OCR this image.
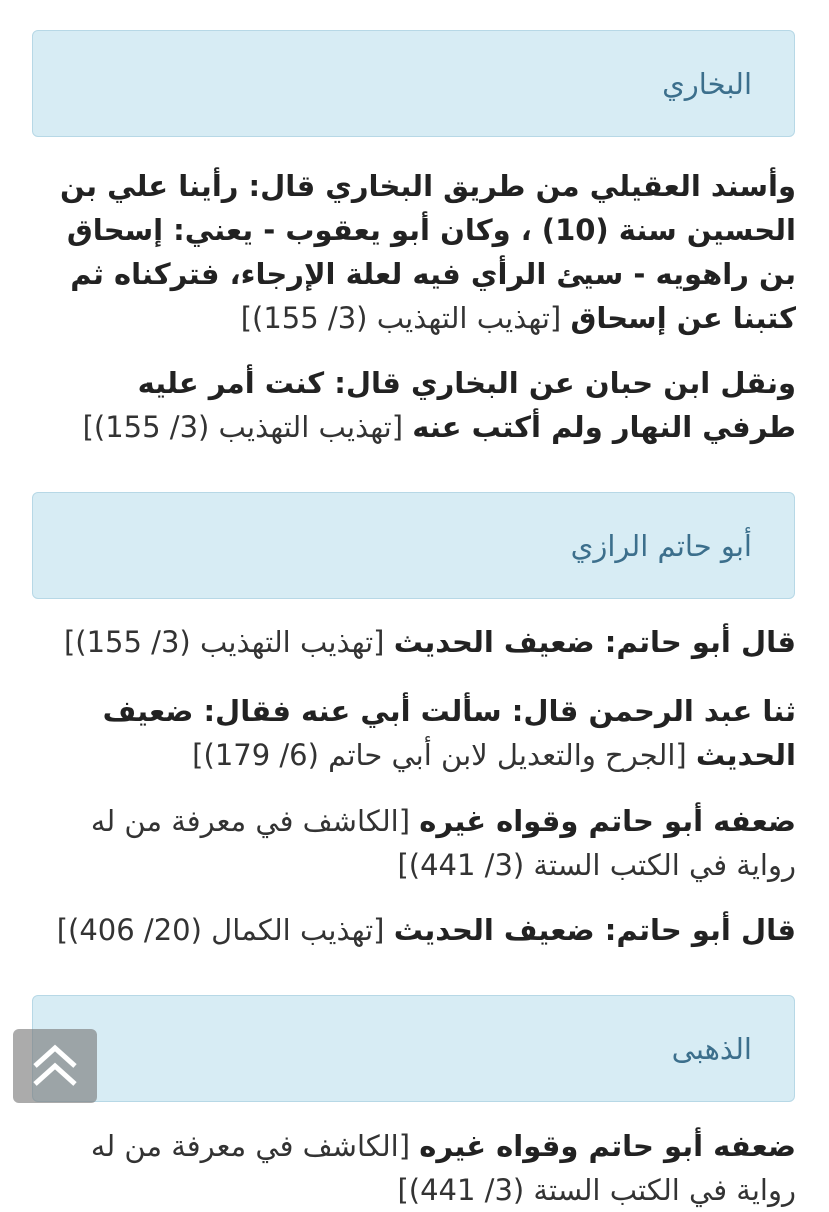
البخاري
وأسند العقيلي من طريق البخاري قال: رأينا علي بن الحسين سنة (10) ، وكان أبو يعقوب - يعني: إسحاق بن راهويه - سيئ الرأي فيه لعلة الإرجاء، فتركناه ثم كتبنا عن إسحاق [تهذيب التهذيب (3/ 155)]
ونقل ابن حبان عن البخاري قال: كنت أمر عليه طرفي النهار ولم أكتب عنه [تهذيب التهذيب (3/ 155)]
أبو حاتم الرازي
قال أبو حاتم: ضعيف الحديث [تهذيب التهذيب (3/ 155)]
ثنا عبد الرحمن قال: سألت أبي عنه فقال: ضعيف الحديث [الجرح والتعديل لابن أبي حاتم (6/ 179)]
ضعفه أبو حاتم وقواه غيره [الكاشف في معرفة من له رواية في الكتب الستة (3/ 441)]
قال أبو حاتم: ضعيف الحديث [تهذيب الكمال (20/ 406)]
الذهبى
ضعفه أبو حاتم وقواه غيره [الكاشف في معرفة من له رواية في الكتب الستة (3/ 441)]
